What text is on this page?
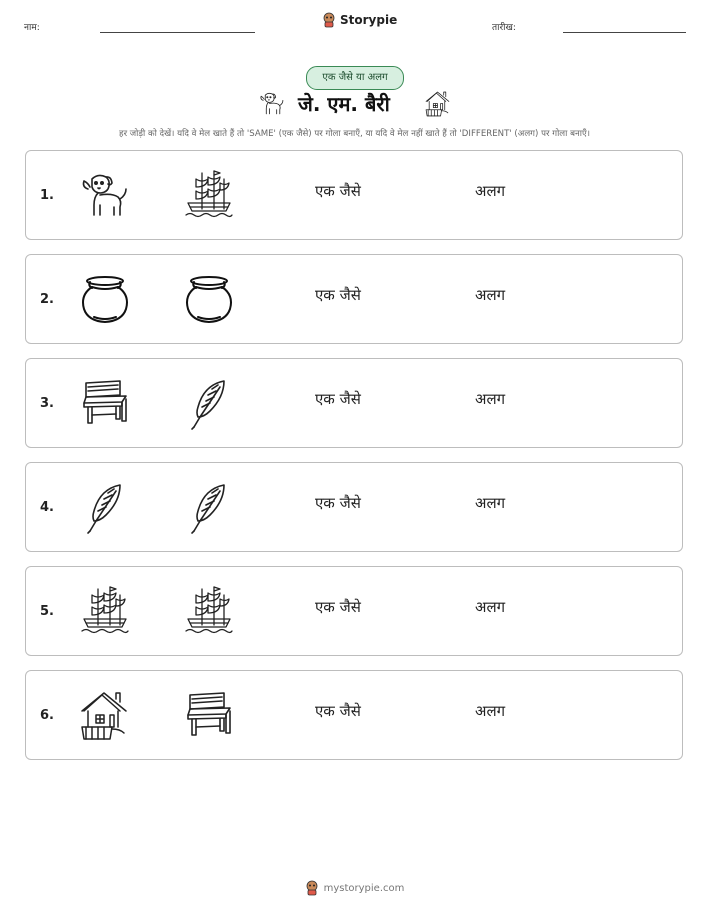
नाम:
Storypie
तारीख:
एक जैसे या अलग
जे. एम. बैरी
हर जोड़ी को देखें। यदि वे मेल खाते हैं तो 'SAME' (एक जैसे) पर गोला बनाएँ, या यदि वे मेल नहीं खाते हैं तो 'DIFFERENT' (अलग) पर गोला बनाएँ।
1.	एक जैसे	अलग
2.	एक जैसे	अलग
3.	एक जैसे	अलग
4.	एक जैसे	अलग
5.	एक जैसे	अलग
6.	एक जैसे	अलग
mystorypie.com
